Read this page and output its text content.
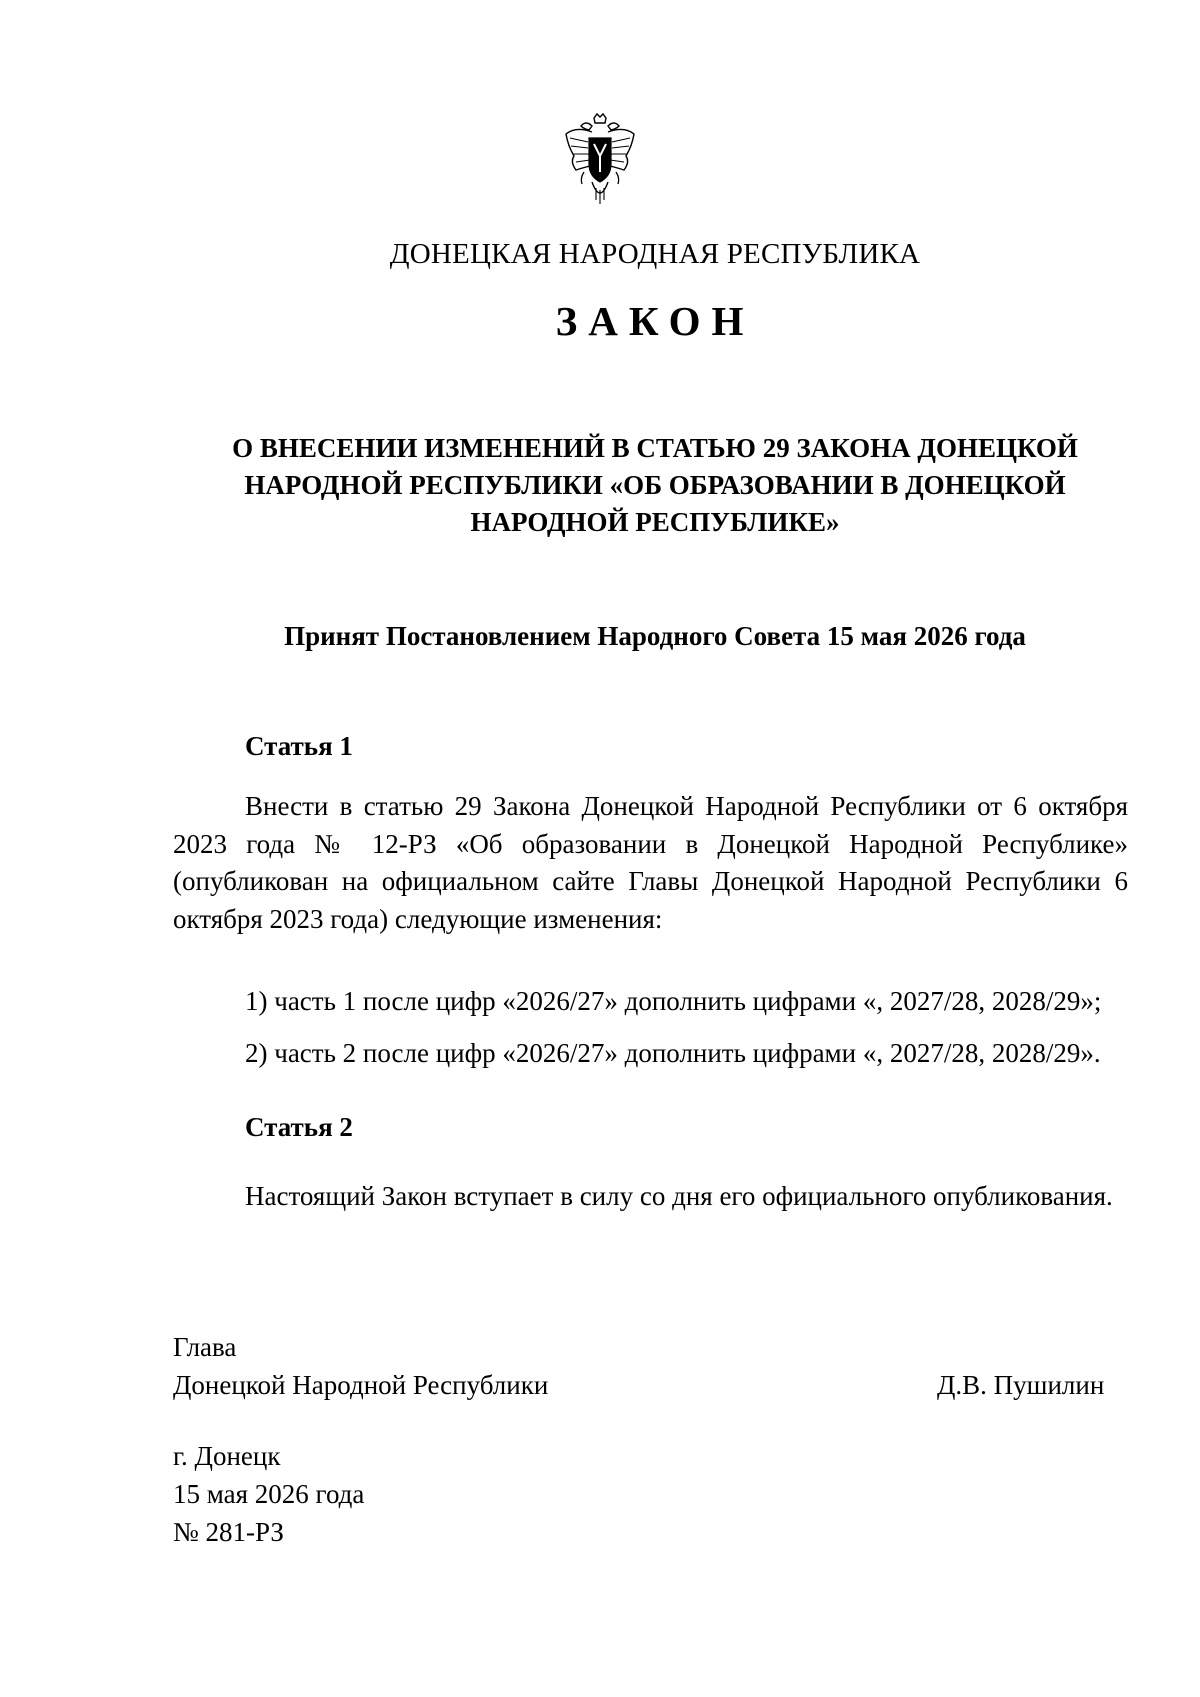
ДОНЕЦКАЯ НАРОДНАЯ РЕСПУБЛИКА
ЗАКОН
О ВНЕСЕНИИ ИЗМЕНЕНИЙ В СТАТЬЮ 29 ЗАКОНА ДОНЕЦКОЙ НАРОДНОЙ РЕСПУБЛИКИ «ОБ ОБРАЗОВАНИИ В ДОНЕЦКОЙ НАРОДНОЙ РЕСПУБЛИКЕ»
Принят Постановлением Народного Совета 15 мая 2026 года
Статья 1
Внести в статью 29 Закона Донецкой Народной Республики от 6 октября 2023 года № 12-РЗ «Об образовании в Донецкой Народной Республике» (опубликован на официальном сайте Главы Донецкой Народной Республики 6 октября 2023 года) следующие изменения:
1) часть 1 после цифр «2026/27» дополнить цифрами «, 2027/28, 2028/29»;
2) часть 2 после цифр «2026/27» дополнить цифрами «, 2027/28, 2028/29».
Статья 2
Настоящий Закон вступает в силу со дня его официального опубликования.
Глава
Донецкой Народной Республики	Д.В. Пушилин
г. Донецк
15 мая 2026 года
№ 281-РЗ
